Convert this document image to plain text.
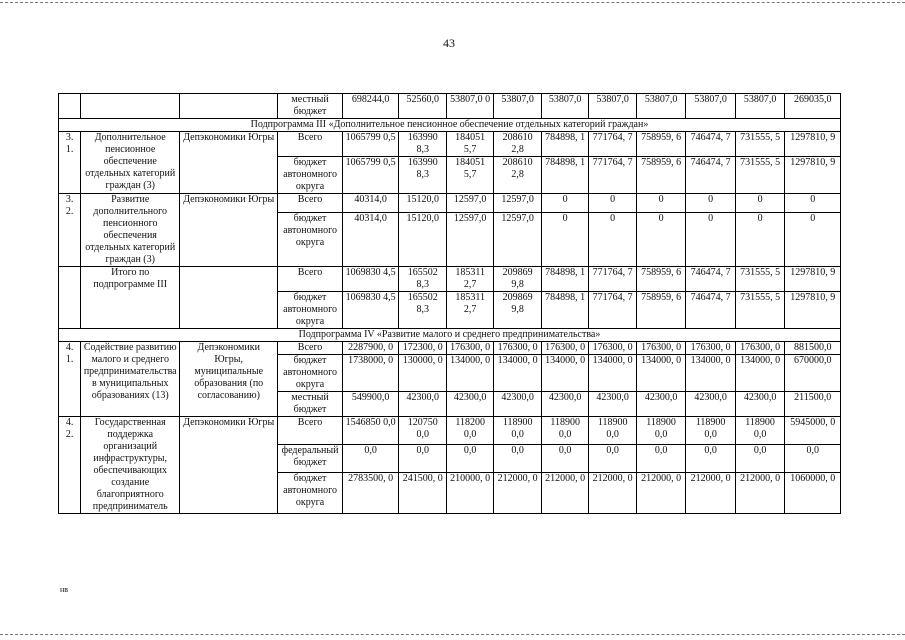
43
			местный бюджет	698244,0	52560,0	53807,0 0	53807,0	53807,0	53807,0	53807,0	53807,0	53807,0	269035,0
Подпрограмма III «Дополнительное пенсионное обеспечение отдельных категорий граждан»													
3. 1.	Дополнительное пенсионное обеспечение отдельных категорий граждан (3)	Депэкономики Югры	Всего	1065799 0,5	163990 8,3	184051 5,7	208610 2,8	784898, 1	771764, 7	758959, 6	746474, 7	731555, 5	1297810, 9
			бюджет автономного округа	1065799 0,5	163990 8,3	184051 5,7	208610 2,8	784898, 1	771764, 7	758959, 6	746474, 7	731555, 5	1297810, 9
3. 2.	Развитие дополнительного пенсионного обеспечения отдельных категорий граждан (3)	Депэкономики Югры	Всего	40314,0	15120,0	12597,0	12597,0	0	0	0	0	0	0
			бюджет автономного округа	40314,0	15120,0	12597,0	12597,0	0	0	0	0	0	0
	Итого по подпрограмме III		Всего	1069830 4,5	165502 8,3	185311 2,7	209869 9,8	784898, 1	771764, 7	758959, 6	746474, 7	731555, 5	1297810, 9
			бюджет автономного округа	1069830 4,5	165502 8,3	185311 2,7	209869 9,8	784898, 1	771764, 7	758959, 6	746474, 7	731555, 5	1297810, 9
Подпрограмма IV «Развитие малого и среднего предпринимательства»													
4. 1.	Содействие развитию малого и среднего предпринимательства в муниципальных образованиях (13)	Депэкономики Югры, муниципальные образования (по согласованию)	Всего	2287900, 0	172300, 0	176300, 0	176300, 0	176300, 0	176300, 0	176300, 0	176300, 0	176300, 0	881500,0
			бюджет автономного округа	1738000, 0	130000, 0	134000, 0	134000, 0	134000, 0	134000, 0	134000, 0	134000, 0	134000, 0	670000,0
			местный бюджет	549900,0	42300,0	42300,0	42300,0	42300,0	42300,0	42300,0	42300,0	42300,0	211500,0
4. 2.	Государственная поддержка организаций инфраструктуры, обеспечивающих создание благоприятного предприниматель	Депэкономики Югры	Всего	1546850 0,0	120750 0,0	118200 0,0	118900 0,0	118900 0,0	118900 0,0	118900 0,0	118900 0,0	118900 0,0	5945000, 0
			федеральный бюджет	0,0	0,0	0,0	0,0	0,0	0,0	0,0	0,0	0,0	0,0
			бюджет автономного округа	2783500, 0	241500, 0	210000, 0	212000, 0	212000, 0	212000, 0	212000, 0	212000, 0	212000, 0	1060000, 0
нв
